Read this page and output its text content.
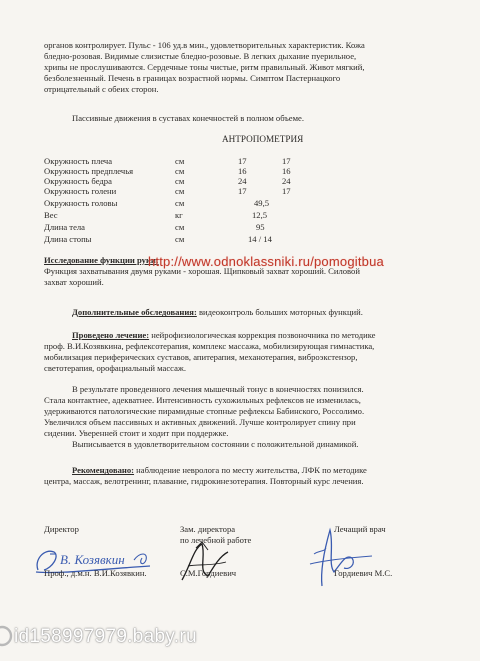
органов контролирует. Пульс - 106 уд.в мин., удовлетворительных характеристик. Кожа
бледно-розовая. Видимые слизистые бледно-розовые. В легких дыхание пуерильное,
хрипы не прослушиваются. Сердечные тоны чистые, ритм правильный. Живот мягкий,
безболезненный. Печень в границах возрастной нормы. Симптом Пастернацкого
отрицательный с обеих сторон.
Пассивные движения в суставах конечностей в полном объеме.
АНТРОПОМЕТРИЯ
Окружность плеча	см	17	17
Окружность предплечья	см	16	16
Окружность бедра	см	24	24
Окружность голени	см	17	17
Окружность головы	см	49,5
Вес	кг	12,5
Длина тела	см	95
Длина стопы	см	14 / 14
Исследование функции руки:
Функция захватывания двумя руками - хорошая. Щипковый захват хороший. Силовой
захват хороший.
http://www.odnoklassniki.ru/pomogitbua
Дополнительные обследования: видеоконтроль больших моторных функций.
Проведено лечение: нейрофизиологическая коррекция позвоночника по методике
проф. В.И.Козявкина, рефлексотерапия, комплекс массажа, мобилизирующая гимнастика,
мобилизация периферических суставов, апитерапия, механотерапия, виброэкстензор,
светотерапия, орофациальный массаж.
В результате проведенного лечения мышечный тонус в конечностях понизился.
Стала контактнее, адекватнее. Интенсивность сухожильных рефлексов не изменилась,
удерживаются патологические пирамидные стопные рефлексы Бабинского, Россолимо.
Увеличился объем пассивных и активных движений. Лучше контролирует спину при
сидении. Уверенней стоит и ходит при поддержке.
Выписывается в удовлетворительном состоянии с положительной динамикой.
Рекомендовано: наблюдение невролога по месту жительства, ЛФК по методике
центра, массаж, велотренинг, плавание, гидрокинезотерапия. Повторный курс лечения.
Директор	Зам. директора
по лечебной работе
Лечащий врач
В. Козявкин
Проф., д.м.н. В.И.Козявкин.	С.М.Гордиевич	Гордиевич М.С.
id158997979.baby.ru
